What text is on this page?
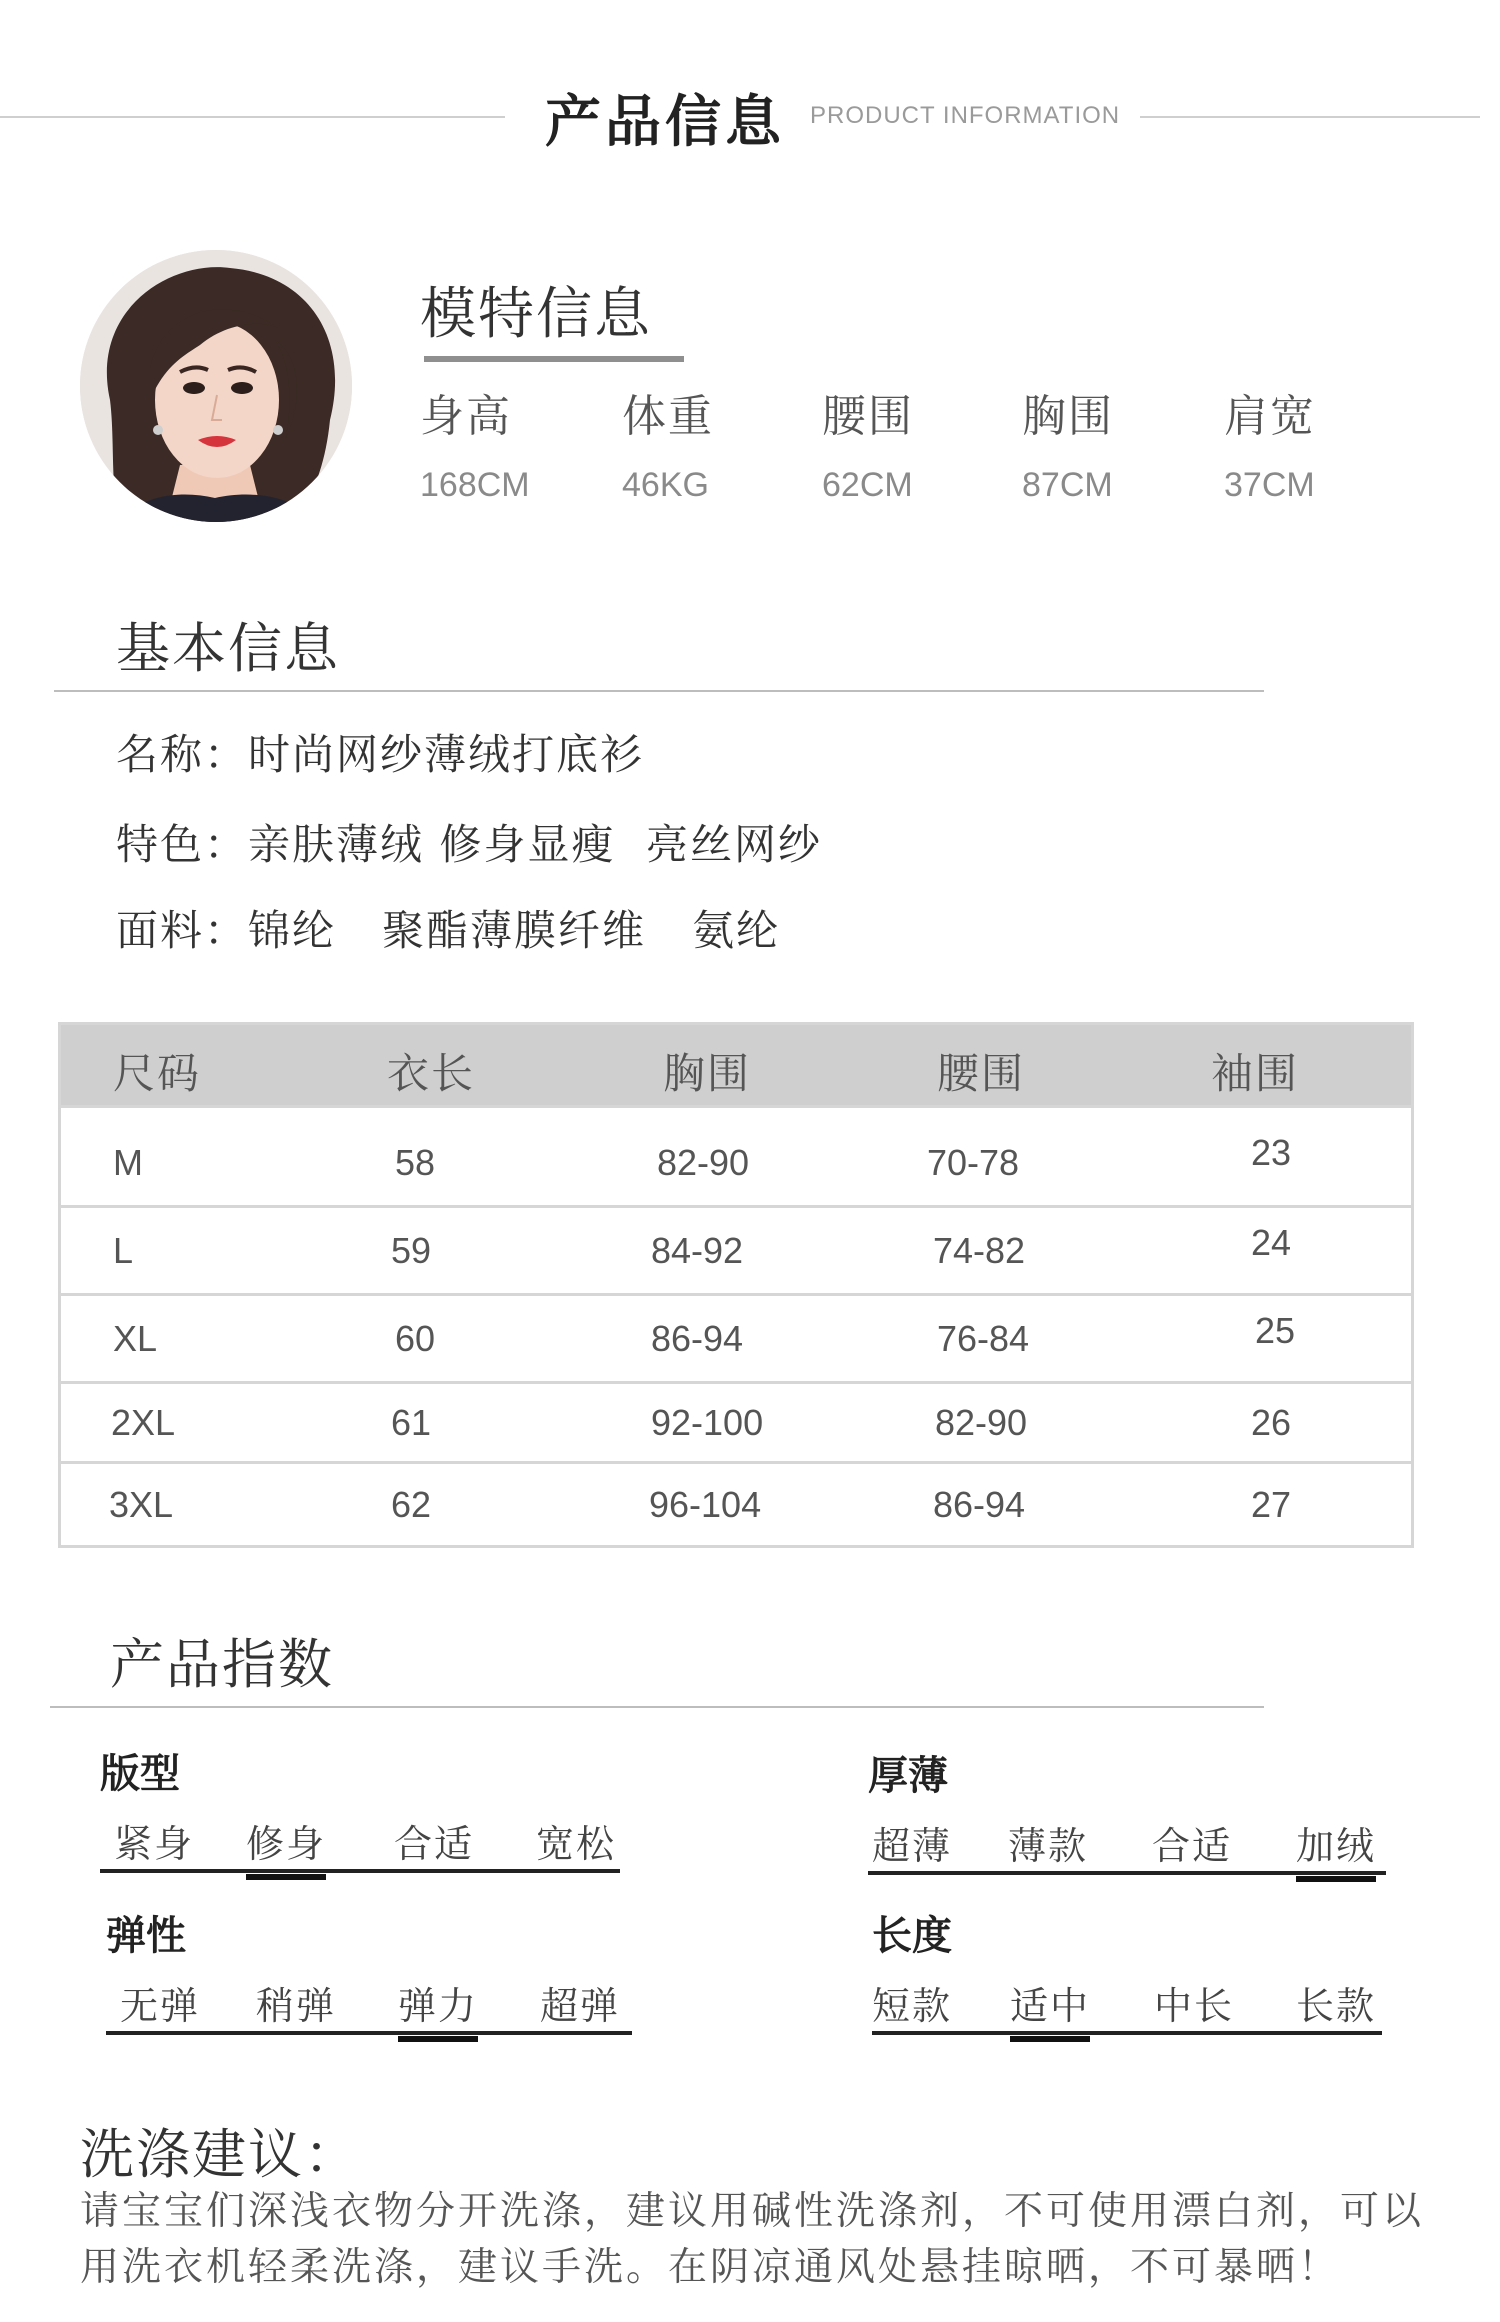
产品信息 PRODUCT INFORMATION
模特信息
身高
168CM
体重
46KG
腰围
62CM
胸围
87CM
肩宽
37CM
基本信息
名称：时尚网纱薄绒打底衫
特色：亲肤薄绒 修身显瘦  亮丝网纱
面料：锦纶   聚酯薄膜纤维   氨纶
尺码	衣长	胸围	腰围	袖围
M	58	82-90	70-78	23
L	59	84-92	74-82	24
XL	60	86-94	76-84	25
2XL	61	92-100	82-90	26
3XL	62	96-104	86-94	27
产品指数
版型
紧身 修身 合适 宽松
厚薄
超薄 薄款 合适 加绒
弹性
无弹 稍弹 弹力 超弹
长度
短款 适中 中长 长款
洗涤建议：
请宝宝们深浅衣物分开洗涤，建议用碱性洗涤剂，不可使用漂白剂，可以用洗衣机轻柔洗涤，建议手洗。在阴凉通风处悬挂晾晒，不可暴晒！
